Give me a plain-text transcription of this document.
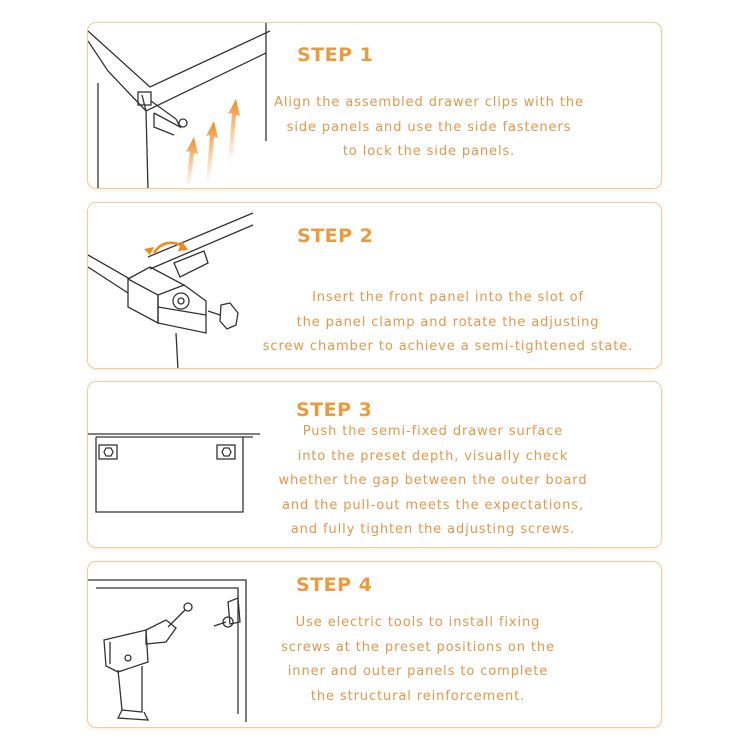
STEP 1
Align the assembled drawer clips with the
side panels and use the side fasteners
to lock the side panels.
STEP 2
Insert the front panel into the slot of
the panel clamp and rotate the adjusting
screw chamber to achieve a semi-tightened state.
STEP 3
Push the semi-fixed drawer surface
into the preset depth, visually check
whether the gap between the outer board
and the pull-out meets the expectations,
and fully tighten the adjusting screws.
STEP 4
Use electric tools to install fixing
screws at the preset positions on the
inner and outer panels to complete
the structural reinforcement.
